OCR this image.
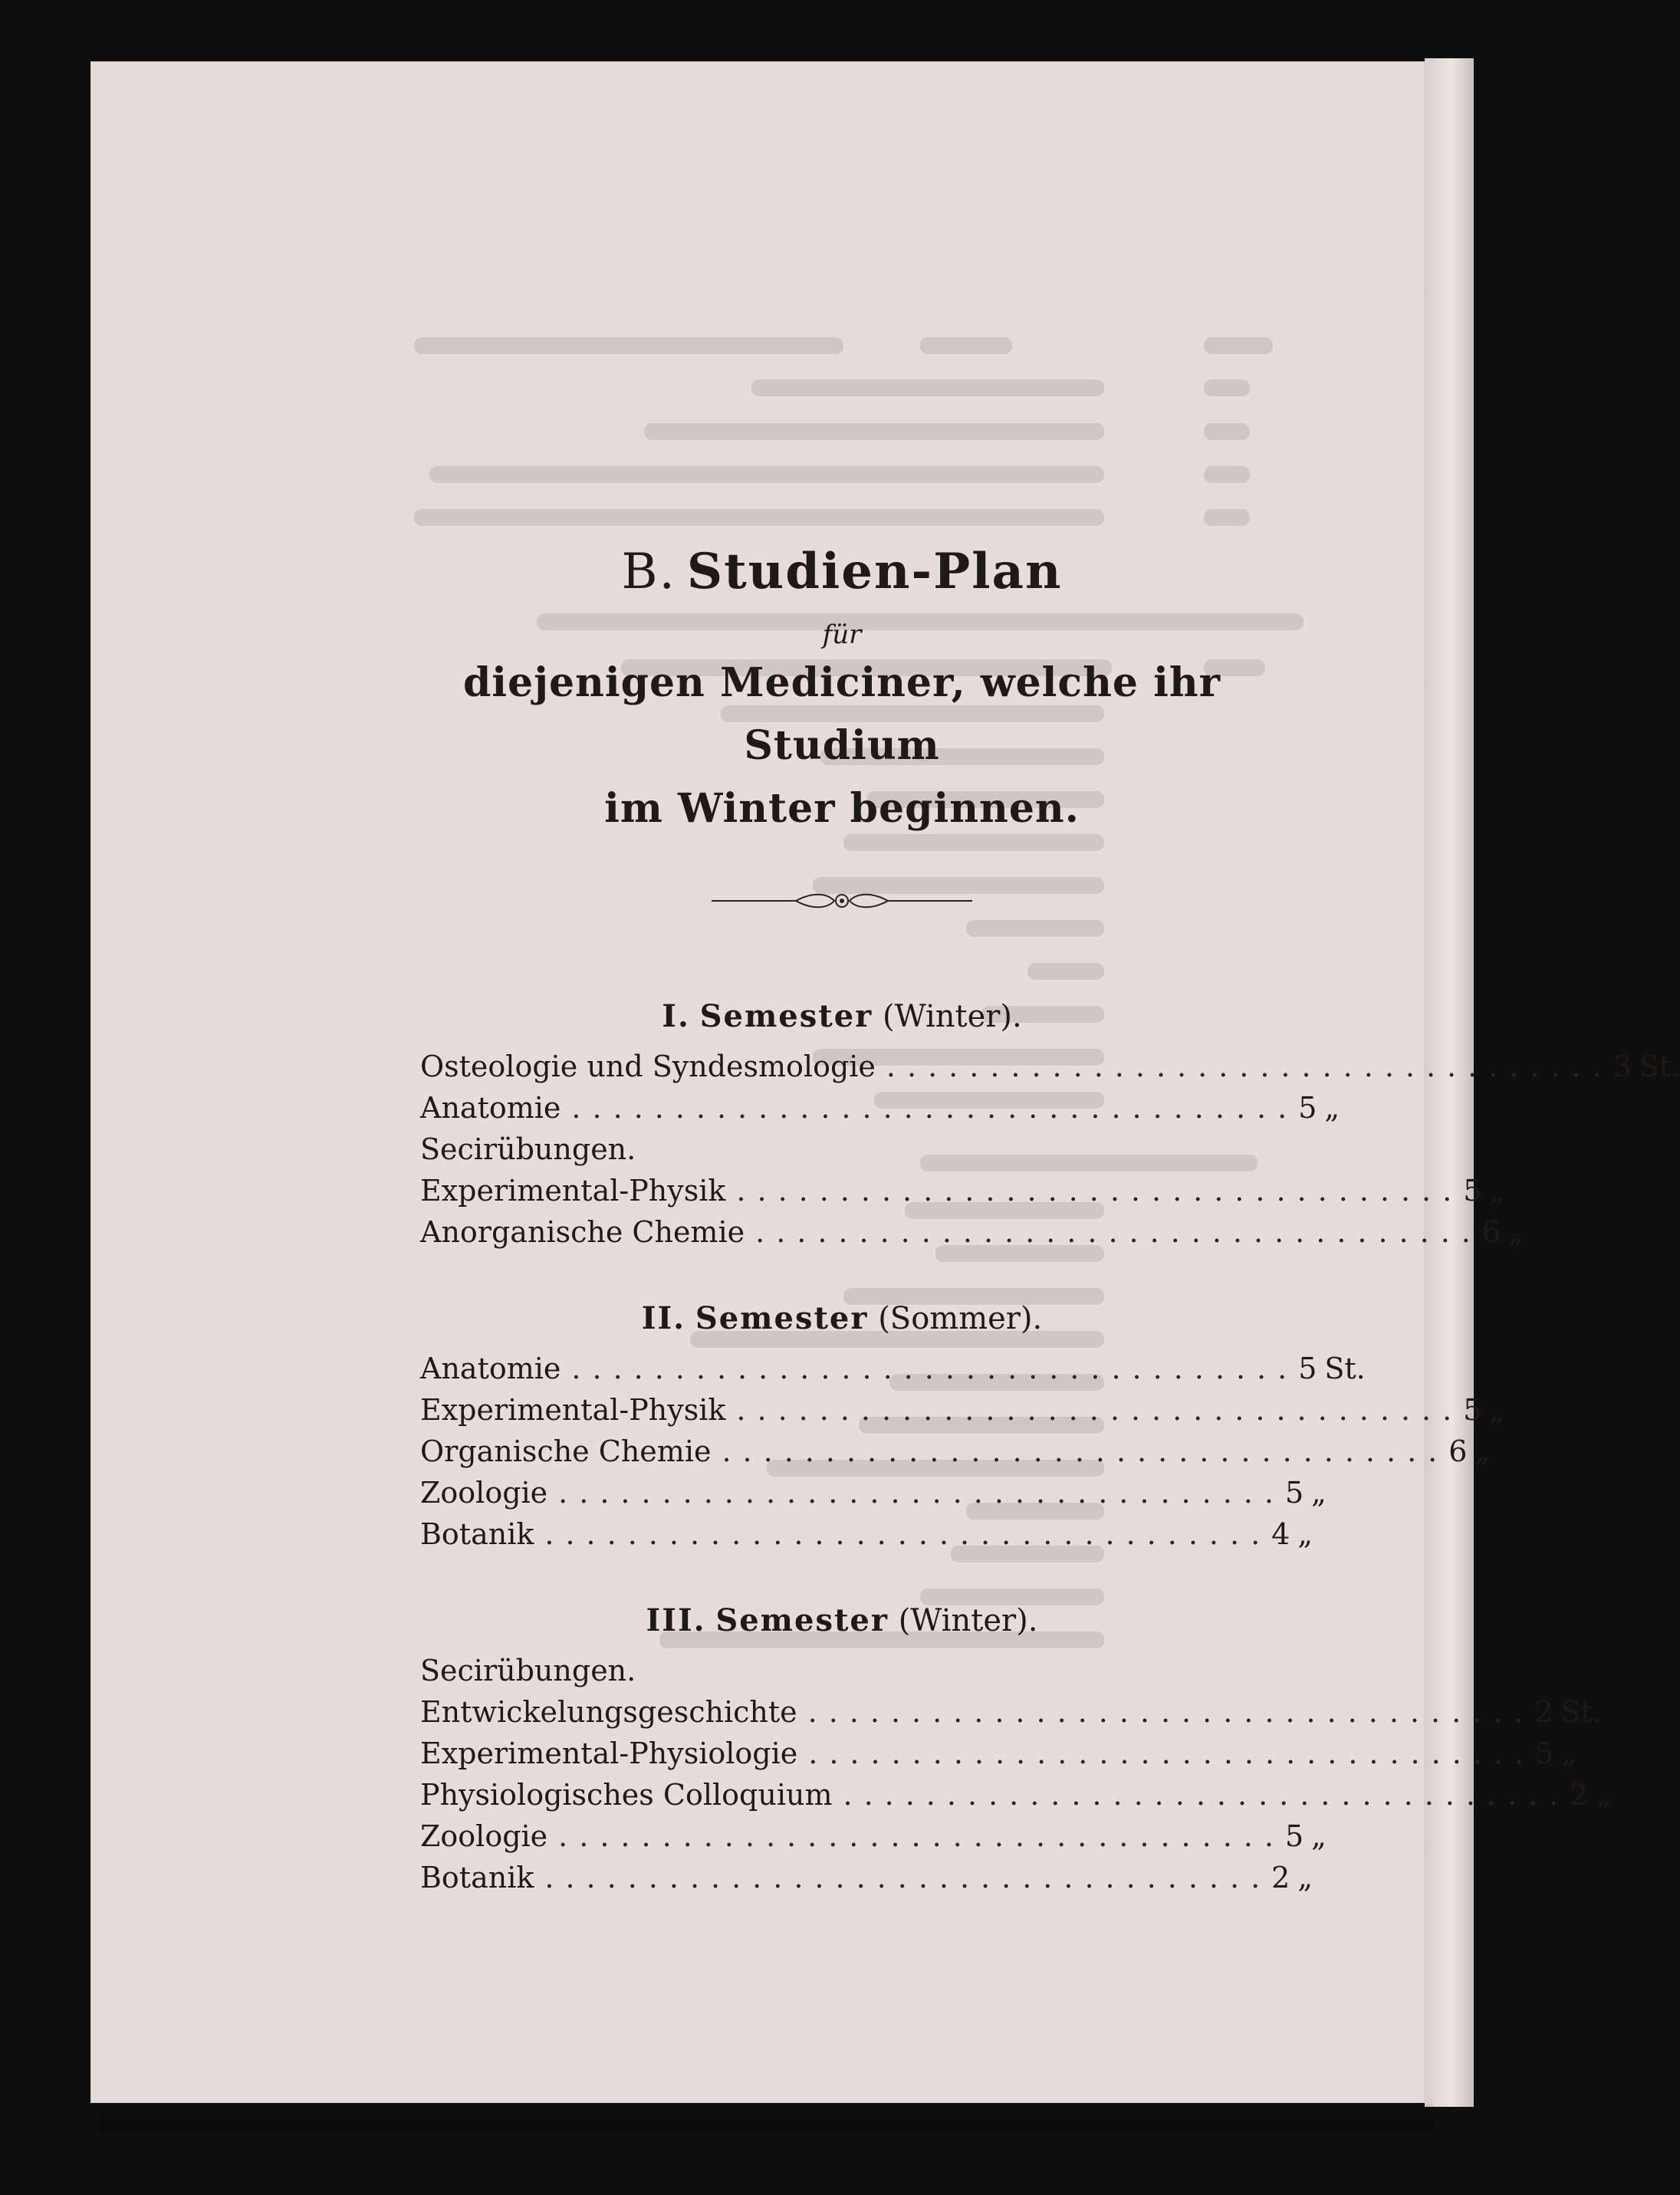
B. Studien-Plan
für
diejenigen Mediciner, welche ihr Studium
im Winter beginnen.
I. Semester (Winter).
Osteologie und Syndesmologie ................................... 3 St.
Anatomie ................................... 5 „
Secirübungen.
Experimental-Physik ................................... 5 „
Anorganische Chemie ................................... 6 „
II. Semester (Sommer).
Anatomie ................................... 5 St.
Experimental-Physik ................................... 5 „
Organische Chemie ................................... 6 „
Zoologie ................................... 5 „
Botanik ................................... 4 „
III. Semester (Winter).
Secirübungen.
Entwickelungsgeschichte ................................... 2 St.
Experimental-Physiologie ................................... 5 „
Physiologisches Colloquium ................................... 2 „
Zoologie ................................... 5 „
Botanik ................................... 2 „
